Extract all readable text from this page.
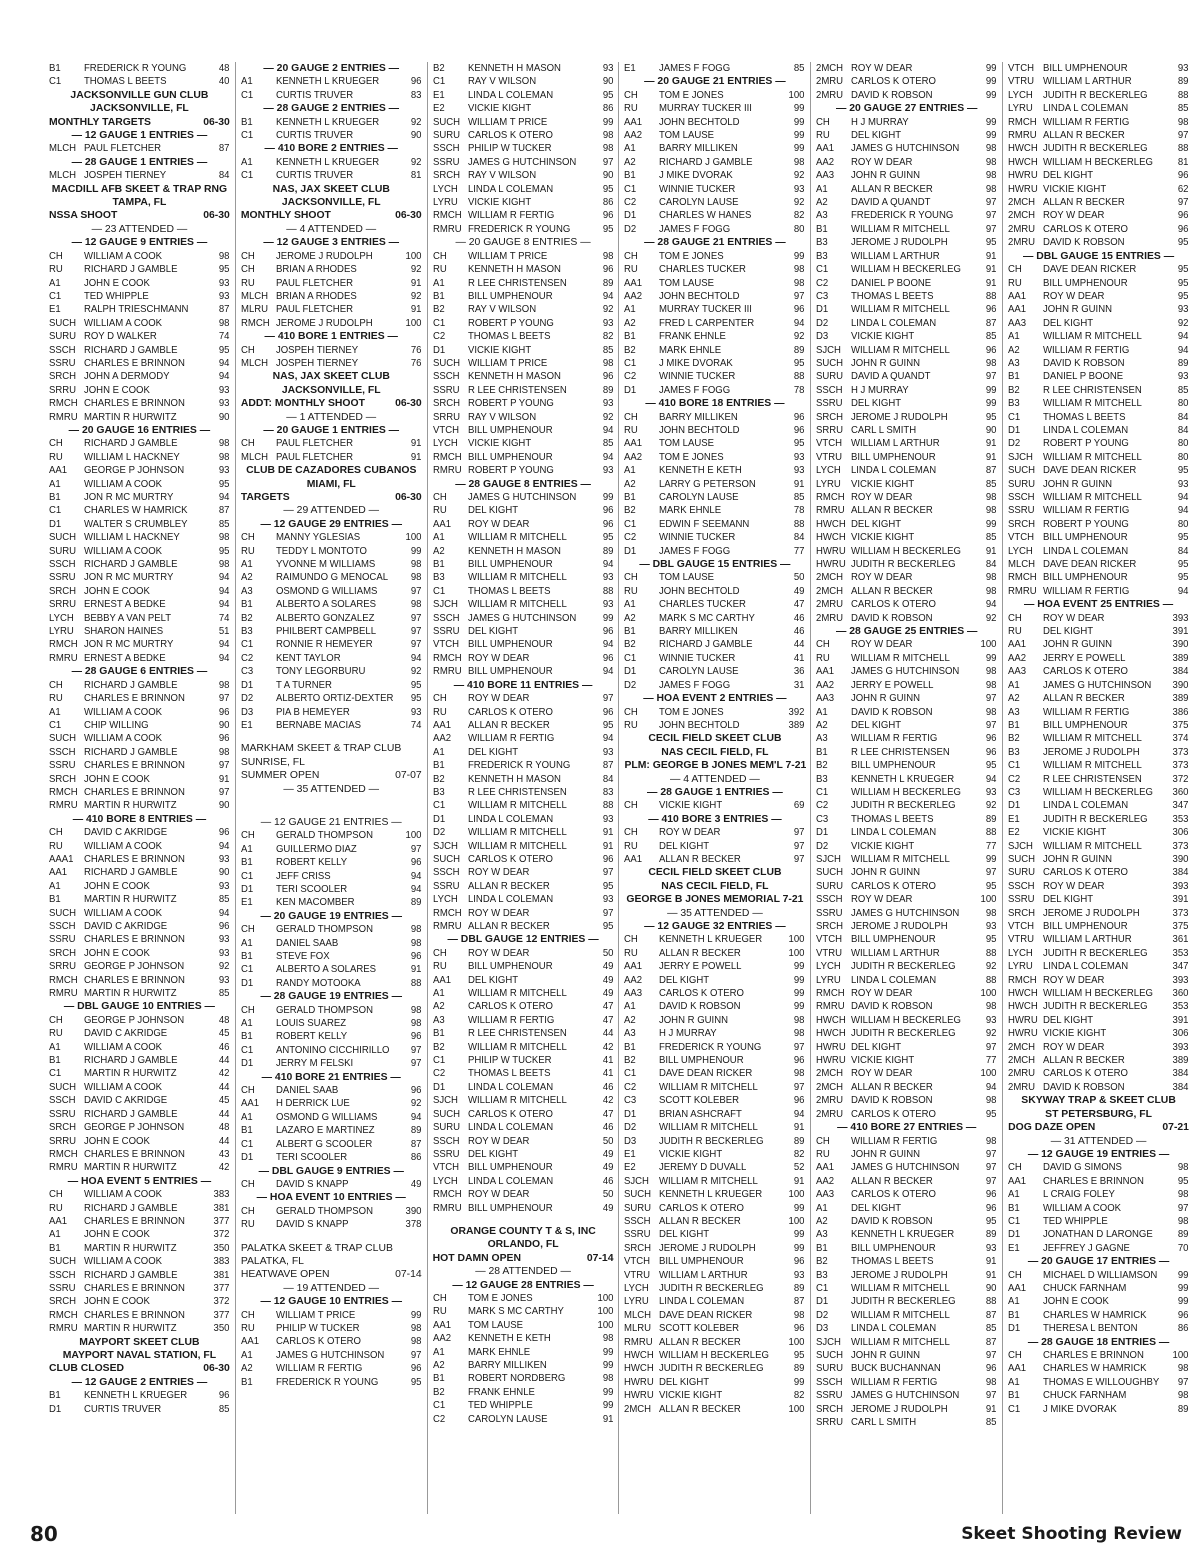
B1	FREDERICK R YOUNG	48
C1	THOMAS L BEETS	40
JACKSONVILLE GUN CLUB
JACKSONVILLE, FL
MONTHLY TARGETS	06-30
— 12 GAUGE 1 ENTRIES —
MLCH PAUL FLETCHER	87
— 28 GAUGE 1 ENTRIES —
MLCH JOSPEH TIERNEY	84
MACDILL AFB SKEET & TRAP RNG
TAMPA, FL
NSSA SHOOT	06-30
— 23 ATTENDED —
— 12 GAUGE 9 ENTRIES —
CH	WILLIAM A COOK	98
RU	RICHARD J GAMBLE	95
A1	JOHN E COOK	93
C1	TED WHIPPLE	93
E1	RALPH TRIESCHMANN	87
SUCH WILLIAM A COOK	98
SURU ROY D WALKER	74
SSCH RICHARD J GAMBLE	95
SSRU CHARLES E BRINNON	94
SRCH JOHN A DERMODY	94
SRRU JOHN E COOK	93
RMCH CHARLES E BRINNON	93
RMRU MARTIN R HURWITZ	90
— 20 GAUGE 16 ENTRIES —
CH	RICHARD J GAMBLE	98
RU	WILLIAM L HACKNEY	98
AA1	GEORGE P JOHNSON	93
A1	WILLIAM A COOK	95
B1	JON R MC MURTRY	94
C1	CHARLES W HAMRICK	87
D1	WALTER S CRUMBLEY	85
SUCH WILLIAM L HACKNEY	98
SURU WILLIAM A COOK	95
SSCH RICHARD J GAMBLE	98
SSRU JON R MC MURTRY	94
SRCH JOHN E COOK	94
SRRU ERNEST A BEDKE	94
LYCH BEBBY A VAN PELT	74
LYRU SHARON HAINES	51
RMCH JON R MC MURTRY	94
RMRU ERNEST A BEDKE	94
— 28 GAUGE 6 ENTRIES —
CH	RICHARD J GAMBLE	98
RU	CHARLES E BRINNON	97
A1	WILLIAM A COOK	96
C1	CHIP WILLING	90
SUCH WILLIAM A COOK	96
SSCH RICHARD J GAMBLE	98
SSRU CHARLES E BRINNON	97
SRCH JOHN E COOK	91
RMCH CHARLES E BRINNON	97
RMRU MARTIN R HURWITZ	90
— 410 BORE 8 ENTRIES —
CH	DAVID C AKRIDGE	96
RU	WILLIAM A COOK	94
AAA1	CHARLES E BRINNON	93
AA1	RICHARD J GAMBLE	90
A1	JOHN E COOK	93
B1	MARTIN R HURWITZ	85
SUCH WILLIAM A COOK	94
SSCH DAVID C AKRIDGE	96
SSRU CHARLES E BRINNON	93
SRCH JOHN E COOK	93
SRRU GEORGE P JOHNSON	92
RMCH CHARLES E BRINNON	93
RMRU MARTIN R HURWITZ	85
— DBL GAUGE 10 ENTRIES —
CH	GEORGE P JOHNSON	48
RU	DAVID C AKRIDGE	45
A1	WILLIAM A COOK	46
B1	RICHARD J GAMBLE	44
C1	MARTIN R HURWITZ	42
SUCH WILLIAM A COOK	44
SSCH DAVID C AKRIDGE	45
SSRU RICHARD J GAMBLE	44
SRCH GEORGE P JOHNSON	48
SRRU JOHN E COOK	44
RMCH CHARLES E BRINNON	43
RMRU MARTIN R HURWITZ	42
— HOA EVENT 5 ENTRIES —
CH	WILLIAM A COOK	383
RU	RICHARD J GAMBLE	381
AA1	CHARLES E BRINNON	377
A1	JOHN E COOK	372
B1	MARTIN R HURWITZ	350
SUCH WILLIAM A COOK	383
SSCH RICHARD J GAMBLE	381
SSRU CHARLES E BRINNON	377
SRCH JOHN E COOK	372
RMCH CHARLES E BRINNON	377
RMRU MARTIN R HURWITZ	350
MAYPORT SKEET CLUB
MAYPORT NAVAL STATION, FL
CLUB CLOSED	06-30
— 12 GAUGE 2 ENTRIES —
B1	KENNETH L KRUEGER	96
D1	CURTIS TRUVER	85
— 20 GAUGE 2 ENTRIES —
A1	KENNETH L KRUEGER	96
C1	CURTIS TRUVER	83
— 28 GAUGE 2 ENTRIES —
B1	KENNETH L KRUEGER	92
C1	CURTIS TRUVER	90
— 410 BORE 2 ENTRIES —
A1	KENNETH L KRUEGER	92
C1	CURTIS TRUVER	81
NAS, JAX SKEET CLUB
JACKSONVILLE, FL
MONTHLY SHOOT	06-30
— 4 ATTENDED —
— 12 GAUGE 3 ENTRIES —
CH	JEROME J RUDOLPH	100
CH	BRIAN A RHODES	92
RU	PAUL FLETCHER	91
MLCH BRIAN A RHODES	92
MLRU PAUL FLETCHER	91
RMCH JEROME J RUDOLPH	100
— 410 BORE 1 ENTRIES —
CH	JOSPEH TIERNEY	76
MLCH JOSPEH TIERNEY	76
NAS, JAX SKEET CLUB
JACKSONVILLE, FL
ADDT: MONTHLY SHOOT	06-30
— 1 ATTENDED —
— 20 GAUGE 1 ENTRIES —
CH	PAUL FLETCHER	91
MLCH PAUL FLETCHER	91
CLUB DE CAZADORES CUBANOS
MIAMI, FL
TARGETS	06-30
— 29 ATTENDED —
— 12 GAUGE 29 ENTRIES —
CH	MANNY YGLESIAS	100
RU	TEDDY L MONTOTO	99
A1	YVONNE M WILLIAMS	98
A2	RAIMUNDO G MENOCAL	98
A3	OSMOND G WILLIAMS	97
B1	ALBERTO A SOLARES	98
B2	ALBERTO GONZALEZ	97
B3	PHILBERT CAMPBELL	97
C1	RONNIE R HEMEYER	97
C2	KENT TAYLOR	94
C3	TONY LEGORBURU	92
D1	T A TURNER	95
D2	ALBERTO ORTIZ-DEXTER	95
D3	PIA B HEMEYER	93
E1	BERNABE MACIAS	74
MARKHAM SKEET & TRAP CLUB
SUNRISE, FL
SUMMER OPEN	07-07
— 35 ATTENDED —
— 12 GAUGE 21 ENTRIES —
CH	GERALD THOMPSON	100
A1	GUILLERMO DIAZ	97
B1	ROBERT KELLY	96
C1	JEFF CRISS	94
D1	TERI SCOOLER	94
E1	KEN MACOMBER	89
— 20 GAUGE 19 ENTRIES —
CH	GERALD THOMPSON	98
A1	DANIEL SAAB	98
B1	STEVE FOX	96
C1	ALBERTO A SOLARES	91
D1	RANDY MOTOOKA	88
— 28 GAUGE 19 ENTRIES —
CH	GERALD THOMPSON	98
A1	LOUIS SUAREZ	98
B1	ROBERT KELLY	96
C1	ANTONINO CICCHIRILLO	97
D1	JERRY M FELSKI	97
— 410 BORE 21 ENTRIES —
CH	DANIEL SAAB	96
AA1	H DERRICK LUE	92
A1	OSMOND G WILLIAMS	94
B1	LAZARO E MARTINEZ	89
C1	ALBERT G SCOOLER	87
D1	TERI SCOOLER	86
— DBL GAUGE 9 ENTRIES —
CH	DAVID S KNAPP	49
— HOA EVENT 10 ENTRIES —
CH	GERALD THOMPSON	390
RU	DAVID S KNAPP	378
PALATKA SKEET & TRAP CLUB
PALATKA, FL
HEATWAVE OPEN	07-14
— 19 ATTENDED —
— 12 GAUGE 10 ENTRIES —
CH	WILLIAM T PRICE	99
RU	PHILIP W TUCKER	98
AA1	CARLOS K OTERO	98
A1	JAMES G HUTCHINSON	97
A2	WILLIAM R FERTIG	96
B1	FREDERICK R YOUNG	95
B2	KENNETH H MASON	93
C1	RAY V WILSON	90
E1	LINDA L COLEMAN	95
E2	VICKIE KIGHT	86
SUCH WILLIAM T PRICE	99
SURU CARLOS K OTERO	98
SSCH PHILIP W TUCKER	98
SSRU JAMES G HUTCHINSON	97
SRCH RAY V WILSON	90
LYCH LINDA L COLEMAN	95
LYRU VICKIE KIGHT	86
RMCH WILLIAM R FERTIG	96
RMRU FREDERICK R YOUNG	95
— 20 GAUGE 8 ENTRIES —
CH	WILLIAM T PRICE	98
RU	KENNETH H MASON	96
A1	R LEE CHRISTENSEN	89
B1	BILL UMPHENOUR	94
B2	RAY V WILSON	92
C1	ROBERT P YOUNG	93
C2	THOMAS L BEETS	82
D1	VICKIE KIGHT	85
SUCH WILLIAM T PRICE	98
SSCH KENNETH H MASON	96
SSRU R LEE CHRISTENSEN	89
SRCH ROBERT P YOUNG	93
SRRU RAY V WILSON	92
VTCH BILL UMPHENOUR	94
LYCH VICKIE KIGHT	85
RMCH BILL UMPHENOUR	94
RMRU ROBERT P YOUNG	93
— 28 GAUGE 8 ENTRIES —
CH	JAMES G HUTCHINSON	99
RU	DEL KIGHT	96
AA1	ROY W DEAR	96
A1	WILLIAM R MITCHELL	95
A2	KENNETH H MASON	89
B1	BILL UMPHENOUR	94
B3	WILLIAM R MITCHELL	93
C1	THOMAS L BEETS	88
SJCH WILLIAM R MITCHELL	93
SSCH JAMES G HUTCHINSON	99
SSRU DEL KIGHT	96
VTCH BILL UMPHENOUR	94
RMCH ROY W DEAR	96
RMRU BILL UMPHENOUR	94
— 410 BORE 11 ENTRIES —
CH	ROY W DEAR	97
RU	CARLOS K OTERO	96
AA1	ALLAN R BECKER	95
AA2	WILLIAM R FERTIG	94
A1	DEL KIGHT	93
B1	FREDERICK R YOUNG	87
B2	KENNETH H MASON	84
B3	R LEE CHRISTENSEN	83
C1	WILLIAM R MITCHELL	88
D1	LINDA L COLEMAN	93
D2	WILLIAM R MITCHELL	91
SJCH WILLIAM R MITCHELL	91
SUCH CARLOS K OTERO	96
SSCH ROY W DEAR	97
SSRU ALLAN R BECKER	95
LYCH LINDA L COLEMAN	93
RMCH ROY W DEAR	97
RMRU ALLAN R BECKER	95
— DBL GAUGE 12 ENTRIES —
CH	ROY W DEAR	50
RU	BILL UMPHENOUR	49
AA1	DEL KIGHT	49
A1	WILLIAM R MITCHELL	49
A2	CARLOS K OTERO	47
A3	WILLIAM R FERTIG	47
B1	R LEE CHRISTENSEN	44
B2	WILLIAM R MITCHELL	42
C1	PHILIP W TUCKER	41
C2	THOMAS L BEETS	41
D1	LINDA L COLEMAN	46
SJCH WILLIAM R MITCHELL	42
SUCH CARLOS K OTERO	47
SURU LINDA L COLEMAN	46
SSCH ROY W DEAR	50
SSRU DEL KIGHT	49
VTCH BILL UMPHENOUR	49
LYCH LINDA L COLEMAN	46
RMCH ROY W DEAR	50
RMRU BILL UMPHENOUR	49
ORANGE COUNTY T & S, INC
ORLANDO, FL
HOT DAMN OPEN	07-14
— 28 ATTENDED —
— 12 GAUGE 28 ENTRIES —
CH	TOM E JONES	100
RU	MARK S MC CARTHY	100
AA1	TOM LAUSE	100
AA2	KENNETH E KETH	98
A1	MARK EHNLE	99
A2	BARRY MILLIKEN	99
B1	ROBERT NORDBERG	98
B2	FRANK EHNLE	99
C1	TED WHIPPLE	99
C2	CAROLYN LAUSE	91
E1	JAMES F FOGG	85
— 20 GAUGE 21 ENTRIES —
CH	TOM E JONES	100
RU	MURRAY TUCKER III	99
AA1	JOHN BECHTOLD	99
AA2	TOM LAUSE	99
A1	BARRY MILLIKEN	99
A2	RICHARD J GAMBLE	98
B1	J MIKE DVORAK	92
C1	WINNIE TUCKER	93
C2	CAROLYN LAUSE	92
D1	CHARLES W HANES	82
D2	JAMES F FOGG	80
— 28 GAUGE 21 ENTRIES —
CH	TOM E JONES	99
RU	CHARLES TUCKER	98
AA1	TOM LAUSE	98
AA2	JOHN BECHTOLD	97
A1	MURRAY TUCKER III	96
A2	FRED L CARPENTER	94
B1	FRANK EHNLE	92
B2	MARK EHNLE	89
C1	J MIKE DVORAK	95
C2	WINNIE TUCKER	88
D1	JAMES F FOGG	78
— 410 BORE 18 ENTRIES —
CH	BARRY MILLIKEN	96
RU	JOHN BECHTOLD	96
AA1	TOM LAUSE	95
AA2	TOM E JONES	93
A1	KENNETH E KETH	93
A2	LARRY G PETERSON	91
B1	CAROLYN LAUSE	85
B2	MARK EHNLE	78
C1	EDWIN F SEEMANN	88
C2	WINNIE TUCKER	84
D1	JAMES F FOGG	77
— DBL GAUGE 15 ENTRIES —
CH	TOM LAUSE	50
RU	JOHN BECHTOLD	49
A1	CHARLES TUCKER	47
A2	MARK S MC CARTHY	46
B1	BARRY MILLIKEN	46
B2	RICHARD J GAMBLE	44
C1	WINNIE TUCKER	41
D1	CAROLYN LAUSE	36
D2	JAMES F FOGG	31
— HOA EVENT 2 ENTRIES —
CH	TOM E JONES	392
RU	JOHN BECHTOLD	389
CECIL FIELD SKEET CLUB
NAS CECIL FIELD, FL
PLM: GEORGE B JONES MEM'L 7-21
— 4 ATTENDED —
— 28 GAUGE 1 ENTRIES —
CH	VICKIE KIGHT	69
— 410 BORE 3 ENTRIES —
CH	ROY W DEAR	97
RU	DEL KIGHT	97
AA1	ALLAN R BECKER	97
CECIL FIELD SKEET CLUB
NAS CECIL FIELD, FL
GEORGE B JONES MEMORIAL 7-21
— 35 ATTENDED —
— 12 GAUGE 32 ENTRIES —
CH	KENNETH L KRUEGER	100
RU	ALLAN R BECKER	100
AA1	JERRY E POWELL	99
AA2	DEL KIGHT	99
AA3	CARLOS K OTERO	99
A1	DAVID K ROBSON	99
A2	JOHN R GUINN	98
A3	H J MURRAY	98
B1	FREDERICK R YOUNG	97
B2	BILL UMPHENOUR	96
C1	DAVE DEAN RICKER	98
C2	WILLIAM R MITCHELL	97
C3	SCOTT KOLEBER	96
D1	BRIAN ASHCRAFT	94
D2	WILLIAM R MITCHELL	91
D3	JUDITH R BECKERLEG	89
E1	VICKIE KIGHT	82
E2	JEREMY D DUVALL	52
SJCH WILLIAM R MITCHELL	91
SUCH KENNETH L KRUEGER	100
SURU CARLOS K OTERO	99
SSCH ALLAN R BECKER	100
SSRU DEL KIGHT	99
SRCH JEROME J RUDOLPH	99
VTCH BILL UMPHENOUR	96
VTRU WILLIAM L ARTHUR	93
LYCH JUDITH R BECKERLEG	89
LYRU LINDA L COLEMAN	87
MLCH DAVE DEAN RICKER	98
MLRU SCOTT KOLEBER	96
RMRU ALLAN R BECKER	100
HWCH WILLIAM H BECKERLEG	95
HWCH JUDITH R BECKERLEG	89
HWRU DEL KIGHT	99
HWRU VICKIE KIGHT	82
2MCH ALLAN R BECKER	100
2MCH ROY W DEAR	99
2MRU CARLOS K OTERO	99
2MRU DAVID K ROBSON	99
— 20 GAUGE 27 ENTRIES —
CH	H J MURRAY	99
RU	DEL KIGHT	99
AA1	JAMES G HUTCHINSON	98
AA2	ROY W DEAR	98
AA3	JOHN R GUINN	98
A1	ALLAN R BECKER	98
A2	DAVID A QUANDT	97
A3	FREDERICK R YOUNG	97
B1	WILLIAM R MITCHELL	97
B3	JEROME J RUDOLPH	95
B3	WILLIAM L ARTHUR	91
C1	WILLIAM H BECKERLEG	91
C2	DANIEL P BOONE	91
C3	THOMAS L BEETS	88
D1	WILLIAM R MITCHELL	96
D2	LINDA L COLEMAN	87
D3	VICKIE KIGHT	85
SJCH WILLIAM R MITCHELL	96
SUCH JOHN R GUINN	98
SURU DAVID A QUANDT	97
SSCH H J MURRAY	99
SSRU DEL KIGHT	99
SRCH JEROME J RUDOLPH	95
SRRU CARL L SMITH	90
VTCH WILLIAM L ARTHUR	91
VTRU BILL UMPHENOUR	91
LYCH LINDA L COLEMAN	87
LYRU VICKIE KIGHT	85
RMCH ROY W DEAR	98
RMRU ALLAN R BECKER	98
HWCH DEL KIGHT	99
HWCH VICKIE KIGHT	85
HWRU WILLIAM H BECKERLEG	91
HWRU JUDITH R BECKERLEG	84
2MCH ROY W DEAR	98
2MCH ALLAN R BECKER	98
2MRU CARLOS K OTERO	94
2MRU DAVID K ROBSON	92
— 28 GAUGE 25 ENTRIES —
CH	ROY W DEAR	100
RU	WILLIAM R MITCHELL	99
AA1	JAMES G HUTCHINSON	98
AA2	JERRY E POWELL	98
AA3	JOHN R GUINN	97
A1	DAVID K ROBSON	98
A2	DEL KIGHT	97
A3	WILLIAM R FERTIG	96
B1	R LEE CHRISTENSEN	96
B2	BILL UMPHENOUR	95
B3	KENNETH L KRUEGER	94
C1	WILLIAM H BECKERLEG	93
C2	JUDITH R BECKERLEG	92
C3	THOMAS L BEETS	89
D1	LINDA L COLEMAN	88
D2	VICKIE KIGHT	77
SJCH WILLIAM R MITCHELL	99
SUCH JOHN R GUINN	97
SURU CARLOS K OTERO	95
SSCH ROY W DEAR	100
SSRU JAMES G HUTCHINSON	98
SRCH JEROME J RUDOLPH	93
VTCH BILL UMPHENOUR	95
VTRU WILLIAM L ARTHUR	88
LYCH JUDITH R BECKERLEG	92
LYRU LINDA L COLEMAN	88
RMCH ROY W DEAR	100
RMRU DAVID K ROBSON	98
HWCH WILLIAM H BECKERLEG	93
HWCH JUDITH R BECKERLEG	92
HWRU DEL KIGHT	97
HWRU VICKIE KIGHT	77
2MCH ROY W DEAR	100
2MCH ALLAN R BECKER	94
2MRU DAVID K ROBSON	98
2MRU CARLOS K OTERO	95
— 410 BORE 27 ENTRIES —
CH	WILLIAM R FERTIG	98
RU	JOHN R GUINN	97
AA1	JAMES G HUTCHINSON	97
AA2	ALLAN R BECKER	97
AA3	CARLOS K OTERO	96
A1	DEL KIGHT	96
A2	DAVID K ROBSON	95
A3	KENNETH L KRUEGER	89
B1	BILL UMPHENOUR	93
B2	THOMAS L BEETS	91
B3	JEROME J RUDOLPH	91
C1	WILLIAM R MITCHELL	90
D1	JUDITH R BECKERLEG	88
D2	WILLIAM R MITCHELL	87
D3	LINDA L COLEMAN	85
SJCH WILLIAM R MITCHELL	87
SUCH JOHN R GUINN	97
SURU BUCK BUCHANNAN	96
SSCH WILLIAM R FERTIG	98
SSRU JAMES G HUTCHINSON	97
SRCH JEROME J RUDOLPH	91
SRRU CARL L SMITH	85
VTCH BILL UMPHENOUR	93
VTRU WILLIAM L ARTHUR	89
LYCH JUDITH R BECKERLEG	88
LYRU LINDA L COLEMAN	85
RMCH WILLIAM R FERTIG	98
RMRU ALLAN R BECKER	97
HWCH JUDITH R BECKERLEG	88
HWCH WILLIAM H BECKERLEG	81
HWRU DEL KIGHT	96
HWRU VICKIE KIGHT	62
2MCH ALLAN R BECKER	97
2MCH ROY W DEAR	96
2MRU CARLOS K OTERO	96
2MRU DAVID K ROBSON	95
— DBL GAUGE 15 ENTRIES —
CH	DAVE DEAN RICKER	95
RU	BILL UMPHENOUR	95
AA1	ROY W DEAR	95
AA1	JOHN R GUINN	93
AA3	DEL KIGHT	92
A1	WILLIAM R MITCHELL	94
A2	WILLIAM R FERTIG	94
A3	DAVID K ROBSON	89
B1	DANIEL P BOONE	93
B2	R LEE CHRISTENSEN	85
B3	WILLIAM R MITCHELL	80
C1	THOMAS L BEETS	84
D1	LINDA L COLEMAN	84
D2	ROBERT P YOUNG	80
SJCH WILLIAM R MITCHELL	80
SUCH DAVE DEAN RICKER	95
SURU JOHN R GUINN	93
SSCH WILLIAM R MITCHELL	94
SSRU WILLIAM R FERTIG	94
SRCH ROBERT P YOUNG	80
VTCH BILL UMPHENOUR	95
LYCH LINDA L COLEMAN	84
MLCH DAVE DEAN RICKER	95
RMCH BILL UMPHENOUR	95
RMRU WILLIAM R FERTIG	94
— HOA EVENT 25 ENTRIES —
CH	ROY W DEAR	393
RU	DEL KIGHT	391
AA1	JOHN R GUINN	390
AA2	JERRY E POWELL	389
AA3	CARLOS K OTERO	384
A1	JAMES G HUTCHINSON	390
A2	ALLAN R BECKER	389
A3	WILLIAM R FERTIG	386
B1	BILL UMPHENOUR	375
B2	WILLIAM R MITCHELL	374
B3	JEROME J RUDOLPH	373
C1	WILLIAM R MITCHELL	373
C2	R LEE CHRISTENSEN	372
C3	WILLIAM H BECKERLEG	360
D1	LINDA L COLEMAN	347
E1	JUDITH R BECKERLEG	353
E2	VICKIE KIGHT	306
SJCH WILLIAM R MITCHELL	373
SUCH JOHN R GUINN	390
SURU CARLOS K OTERO	384
SSCH ROY W DEAR	393
SSRU DEL KIGHT	391
SRCH JEROME J RUDOLPH	373
VTCH BILL UMPHENOUR	375
VTRU WILLIAM L ARTHUR	361
LYCH JUDITH R BECKERLEG	353
LYRU LINDA L COLEMAN	347
RMCH ROY W DEAR	393
HWCH WILLIAM H BECKERLEG	360
HWCH JUDITH R BECKERLEG	353
HWRU DEL KIGHT	391
HWRU VICKIE KIGHT	306
2MCH ROY W DEAR	393
2MCH ALLAN R BECKER	389
2MRU CARLOS K OTERO	384
2MRU DAVID K ROBSON	384
SKYWAY TRAP & SKEET CLUB
ST PETERSBURG, FL
DOG DAZE OPEN	07-21
— 31 ATTENDED —
— 12 GAUGE 19 ENTRIES —
CH	DAVID G SIMONS	98
AA1	CHARLES E BRINNON	95
A1	L CRAIG FOLEY	98
B1	WILLIAM A COOK	97
C1	TED WHIPPLE	98
D1	JONATHAN D LARONGE	89
E1	JEFFREY J GAGNE	70
— 20 GAUGE 17 ENTRIES —
CH	MICHAEL D WILLIAMSON	99
AA1	CHUCK FARNHAM	99
A1	JOHN E COOK	99
B1	CHARLES W HAMRICK	96
D1	THERESA L BENTON	86
— 28 GAUGE 18 ENTRIES —
CH	CHARLES E BRINNON	100
AA1	CHARLES W HAMRICK	98
A1	THOMAS E WILLOUGHBY	97
B1	CHUCK FARNHAM	98
C1	J MIKE DVORAK	89
80	Skeet Shooting Review
